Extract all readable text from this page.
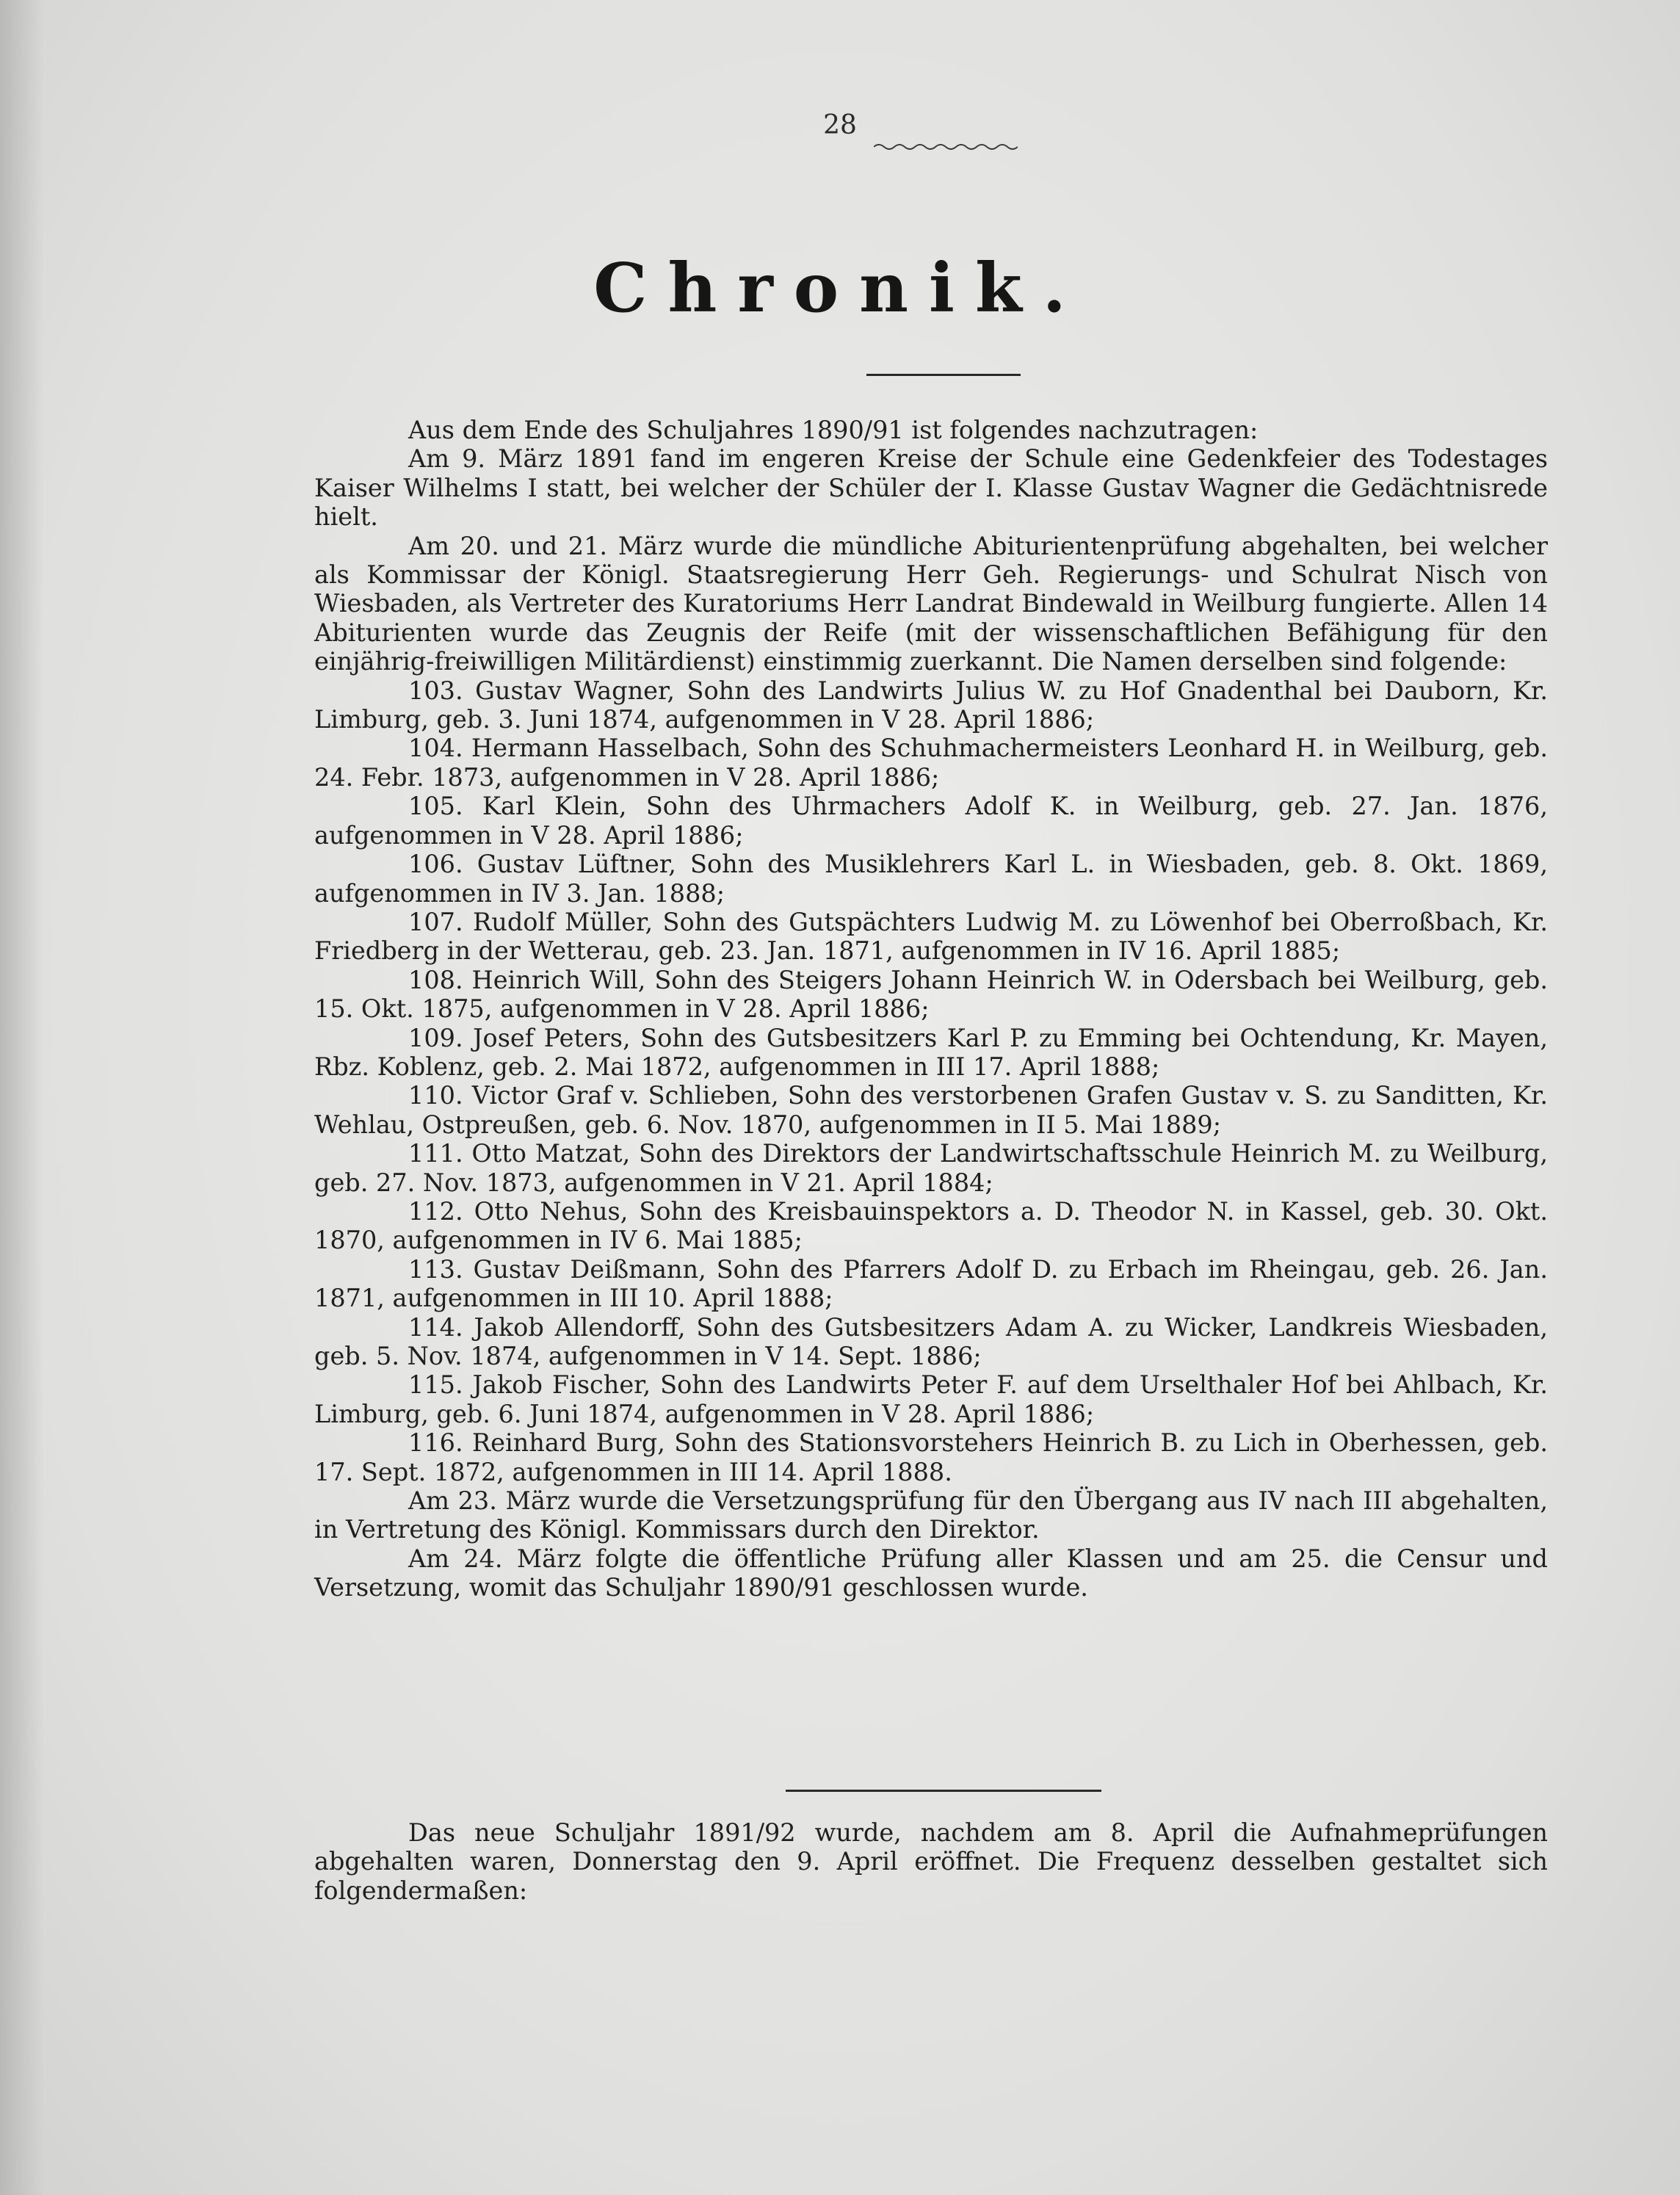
28
Chronik.

Aus dem Ende des Schuljahres 1890/91 ist folgendes nachzutragen:

Am 9. März 1891 fand im engeren Kreise der Schule eine Gedenkfeier des Todestages Kaiser Wilhelms I statt, bei welcher der Schüler der I. Klasse Gustav Wagner die Gedächtnisrede hielt.

Am 20. und 21. März wurde die mündliche Abiturientenprüfung abgehalten, bei welcher als Kommissar der Königl. Staatsregierung Herr Geh. Regierungs- und Schulrat Nisch von Wiesbaden, als Vertreter des Kuratoriums Herr Landrat Bindewald in Weilburg fungierte. Allen 14 Abiturienten wurde das Zeugnis der Reife (mit der wissenschaftlichen Befähigung für den einjährig-freiwilligen Militärdienst) einstimmig zuerkannt. Die Namen derselben sind folgende:

103. Gustav Wagner, Sohn des Landwirts Julius W. zu Hof Gnadenthal bei Dauborn, Kr. Limburg, geb. 3. Juni 1874, aufgenommen in V 28. April 1886;

104. Hermann Hasselbach, Sohn des Schuhmachermeisters Leonhard H. in Weilburg, geb. 24. Febr. 1873, aufgenommen in V 28. April 1886;

105. Karl Klein, Sohn des Uhrmachers Adolf K. in Weilburg, geb. 27. Jan. 1876, aufgenommen in V 28. April 1886;

106. Gustav Lüftner, Sohn des Musiklehrers Karl L. in Wiesbaden, geb. 8. Okt. 1869, aufgenommen in IV 3. Jan. 1888;

107. Rudolf Müller, Sohn des Gutspächters Ludwig M. zu Löwenhof bei Oberroßbach, Kr. Friedberg in der Wetterau, geb. 23. Jan. 1871, aufgenommen in IV 16. April 1885;

108. Heinrich Will, Sohn des Steigers Johann Heinrich W. in Odersbach bei Weilburg, geb. 15. Okt. 1875, aufgenommen in V 28. April 1886;

109. Josef Peters, Sohn des Gutsbesitzers Karl P. zu Emming bei Ochtendung, Kr. Mayen, Rbz. Koblenz, geb. 2. Mai 1872, aufgenommen in III 17. April 1888;

110. Victor Graf v. Schlieben, Sohn des verstorbenen Grafen Gustav v. S. zu Sanditten, Kr. Wehlau, Ostpreußen, geb. 6. Nov. 1870, aufgenommen in II 5. Mai 1889;

111. Otto Matzat, Sohn des Direktors der Landwirtschaftsschule Heinrich M. zu Weilburg, geb. 27. Nov. 1873, aufgenommen in V 21. April 1884;

112. Otto Nehus, Sohn des Kreisbauinspektors a. D. Theodor N. in Kassel, geb. 30. Okt. 1870, aufgenommen in IV 6. Mai 1885;

113. Gustav Deißmann, Sohn des Pfarrers Adolf D. zu Erbach im Rheingau, geb. 26. Jan. 1871, aufgenommen in III 10. April 1888;

114. Jakob Allendorff, Sohn des Gutsbesitzers Adam A. zu Wicker, Landkreis Wiesbaden, geb. 5. Nov. 1874, aufgenommen in V 14. Sept. 1886;

115. Jakob Fischer, Sohn des Landwirts Peter F. auf dem Urselthaler Hof bei Ahlbach, Kr. Limburg, geb. 6. Juni 1874, aufgenommen in V 28. April 1886;

116. Reinhard Burg, Sohn des Stationsvorstehers Heinrich B. zu Lich in Oberhessen, geb. 17. Sept. 1872, aufgenommen in III 14. April 1888.

Am 23. März wurde die Versetzungsprüfung für den Übergang aus IV nach III abgehalten, in Vertretung des Königl. Kommissars durch den Direktor.

Am 24. März folgte die öffentliche Prüfung aller Klassen und am 25. die Censur und Versetzung, womit das Schuljahr 1890/91 geschlossen wurde.

Das neue Schuljahr 1891/92 wurde, nachdem am 8. April die Aufnahmeprüfungen abgehalten waren, Donnerstag den 9. April eröffnet. Die Frequenz desselben gestaltet sich folgendermaßen:
